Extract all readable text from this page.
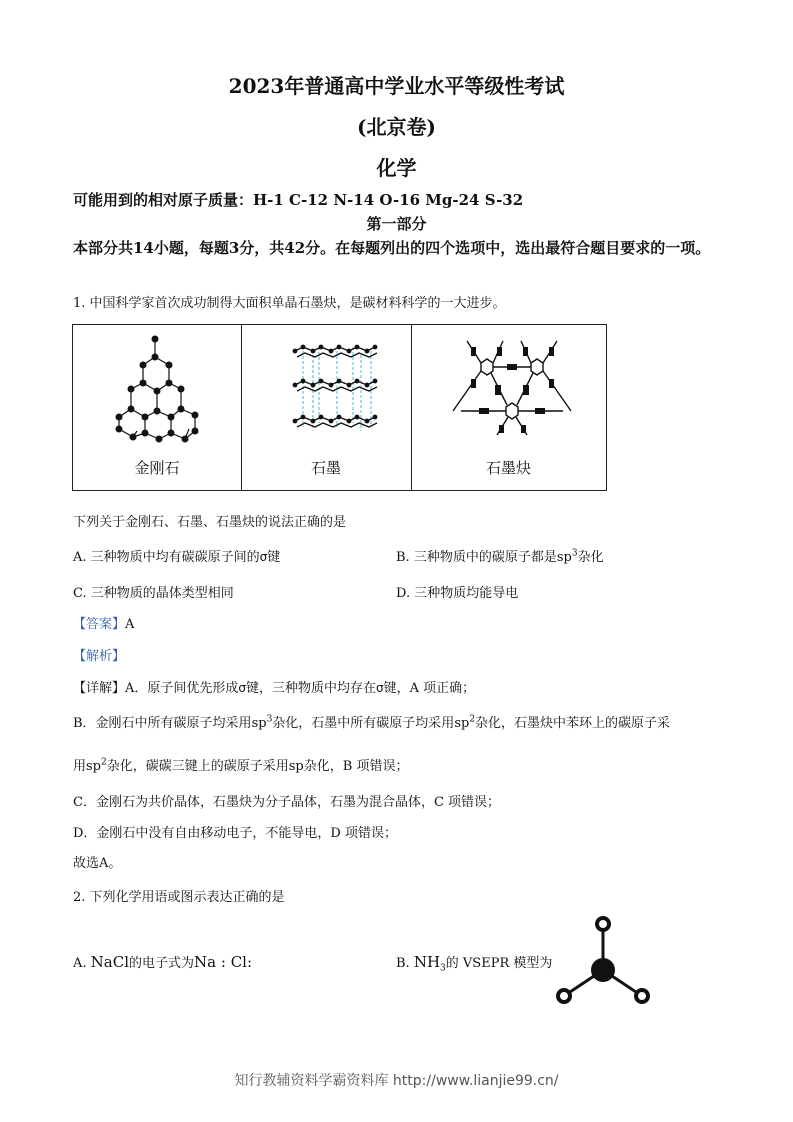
2023年普通高中学业水平等级性考试
(北京卷)
化学
可能用到的相对原子质量：H-1 C-12 N-14 O-16 Mg-24 S-32
第一部分
本部分共14小题，每题3分，共42分。在每题列出的四个选项中，选出最符合题目要求的一项。
1. 中国科学家首次成功制得大面积单晶石墨炔，是碳材料科学的一大进步。
金刚石	石墨	石墨炔
下列关于金刚石、石墨、石墨炔的说法正确的是
A. 三种物质中均有碳碳原子间的σ键	B. 三种物质中的碳原子都是$sp^3$杂化
C. 三种物质的晶体类型相同	D. 三种物质均能导电
【答案】A
【解析】
【详解】A．原子间优先形成σ键，三种物质中均存在σ键，A 项正确；
B．金刚石中所有碳原子均采用$sp^3$杂化，石墨中所有碳原子均采用$sp^2$杂化，石墨炔中苯环上的碳原子采
用$sp^2$杂化，碳碳三键上的碳原子采用sp杂化，B 项错误；
C．金刚石为共价晶体，石墨炔为分子晶体，石墨为混合晶体，C 项错误；
D．金刚石中没有自由移动电子，不能导电，D 项错误；
故选A。
2. 下列化学用语或图示表达正确的是
A. NaCl的电子式为Na : Cl:	B. $NH_3$的 VSEPR 模型为
知行教辅资料学霸资料库 http://www.lianjie99.cn/
